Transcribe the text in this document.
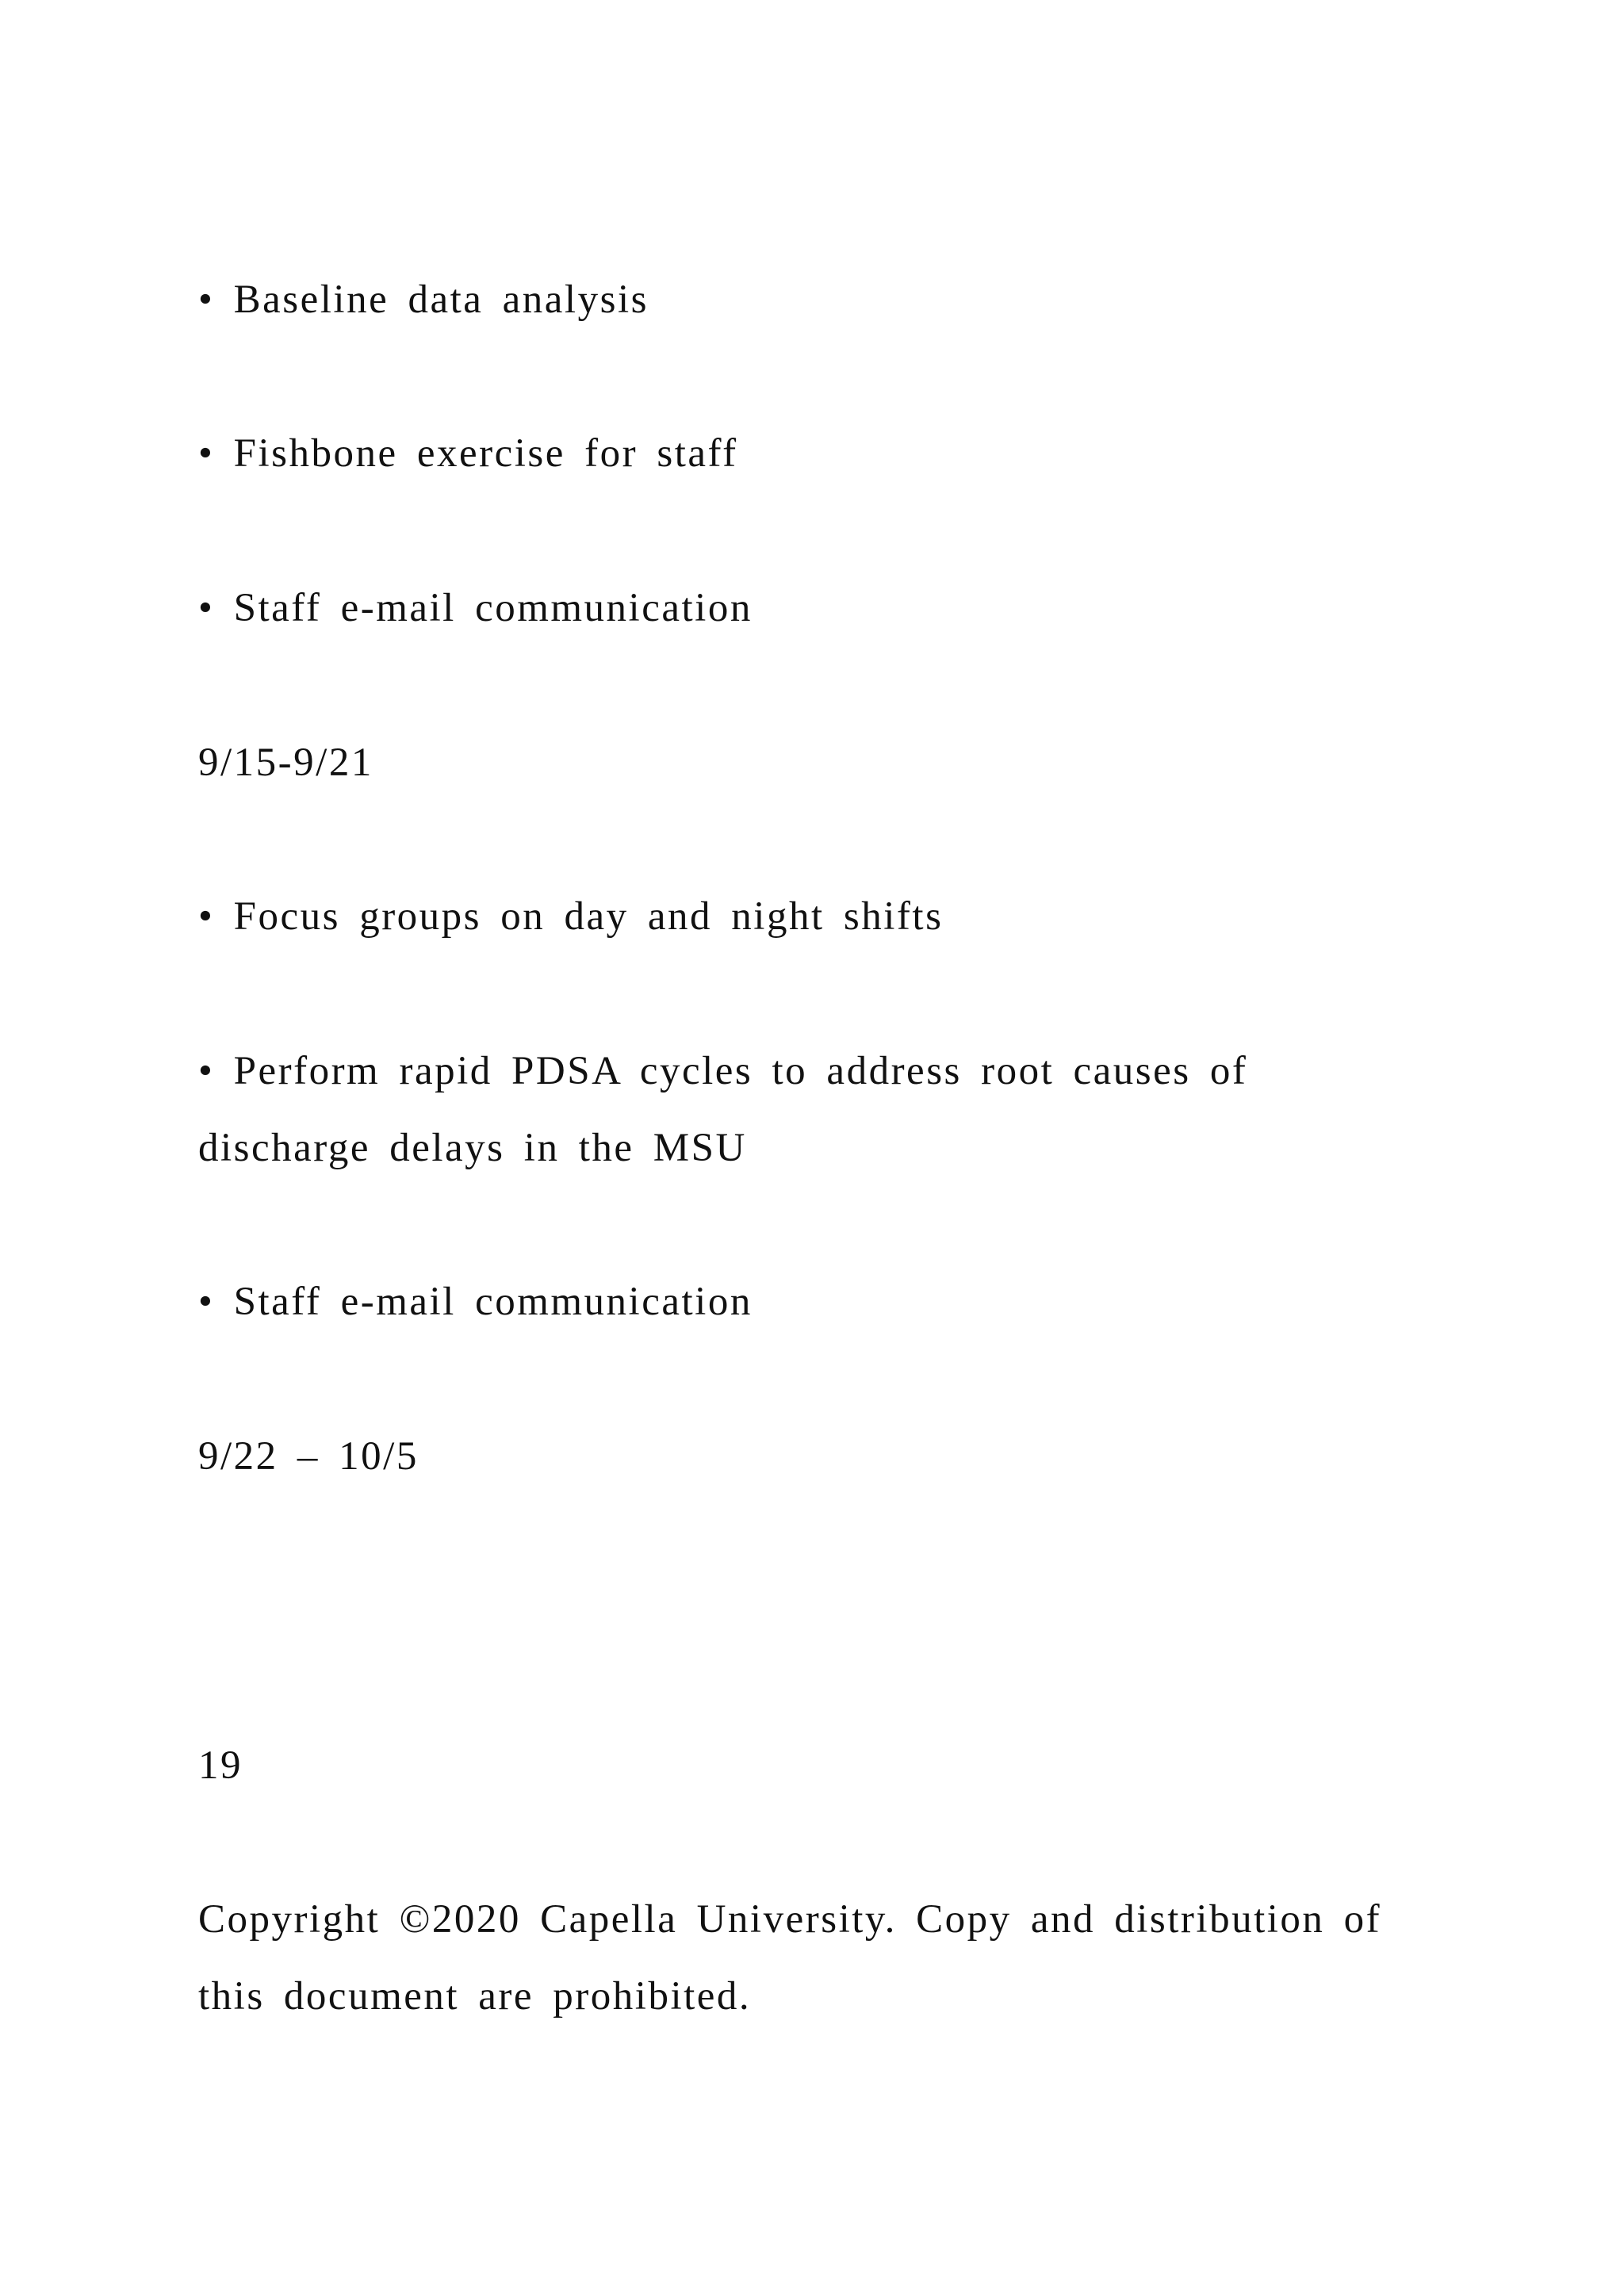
• Baseline data analysis

• Fishbone exercise for staff

• Staff e-mail communication

9/15-9/21

• Focus groups on day and night shifts

• Perform rapid PDSA cycles to address root causes of

discharge delays in the MSU

• Staff e-mail communication

9/22 – 10/5

19

Copyright ©2020 Capella University. Copy and distribution of

this document are prohibited.
